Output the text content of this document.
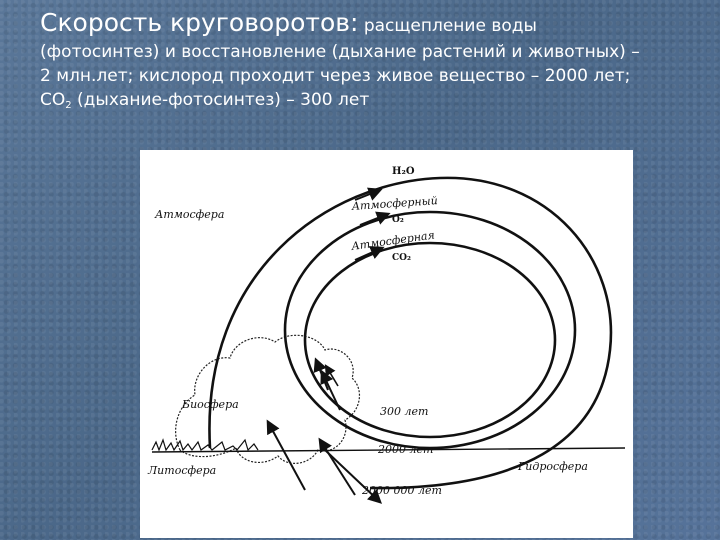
Скорость круговоротов: расщепление воды
(фотосинтез) и восстановление (дыхание растений и животных) –
2 млн.лет; кислород проходит через живое вещество – 2000 лет;
$CO_2$ (дыхание-фотосинтез) – 300 лет
H₂O
Атмосферный
O₂
Атмосферная
CO₂
Атмосфера
Биосфера
Литосфера	Гидросфера
300 лет
2000 лет
2000 000 лет
